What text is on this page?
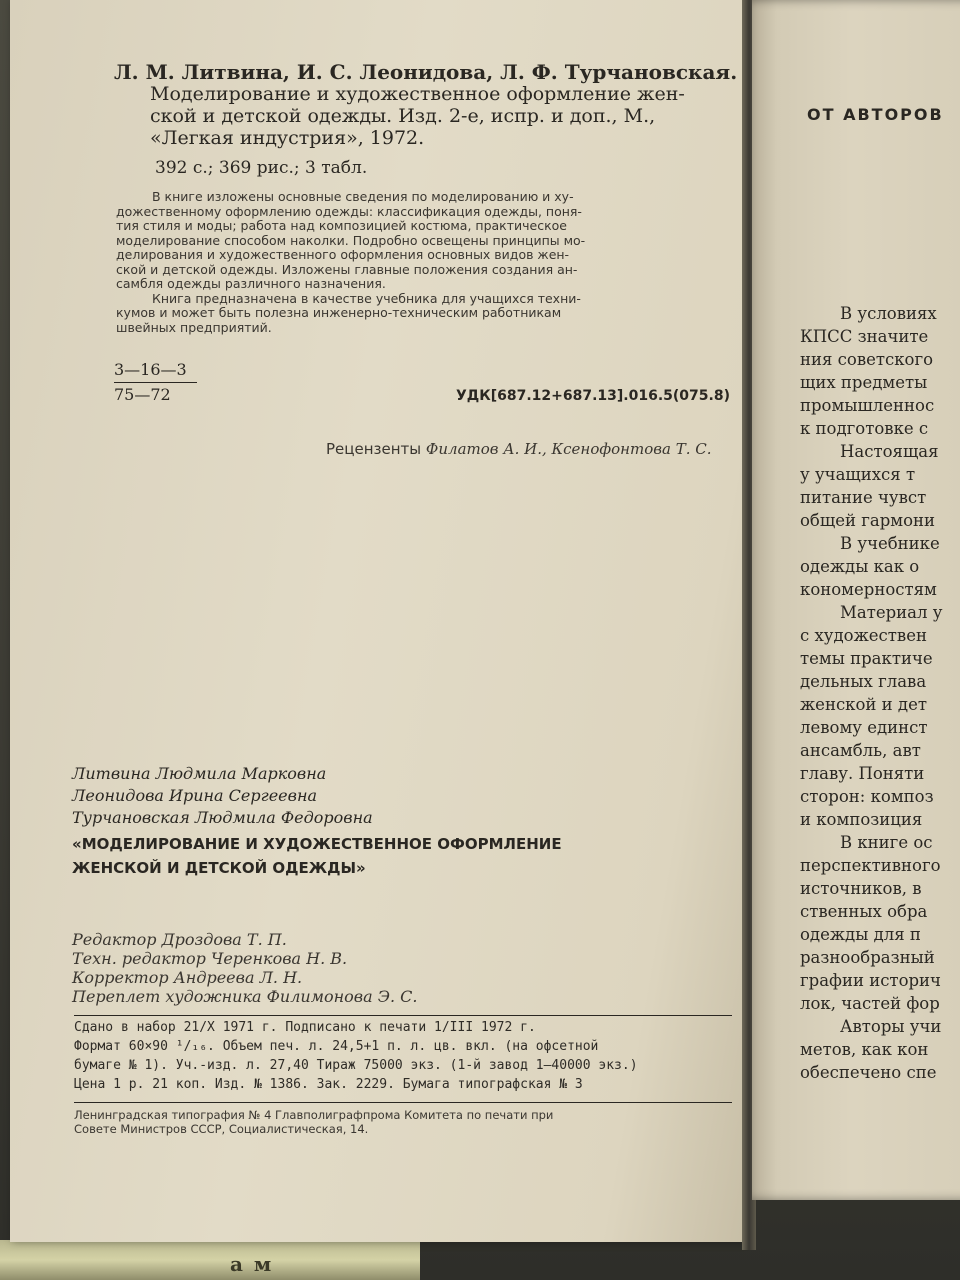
а м
Л. М. Литвина, И. С. Леонидова, Л. Ф. Турчановская.
Моделирование и художественное оформление жен-
ской и детской одежды. Изд. 2-е, испр. и доп., М.,
«Легкая индустрия», 1972.
392 с.; 369 рис.; 3 табл.
В книге изложены основные сведения по моделированию и ху-
дожественному оформлению одежды: классификация одежды, поня-
тия стиля и моды; работа над композицией костюма, практическое
моделирование способом наколки. Подробно освещены принципы мо-
делирования и художественного оформления основных видов жен-
ской и детской одежды. Изложены главные положения создания ан-
самбля одежды различного назначения.
Книга предназначена в качестве учебника для учащихся техни-
кумов и может быть полезна инженерно-техническим работникам
швейных предприятий.
3—16—3
75—72	УДК[687.12+687.13].016.5(075.8)
Рецензенты Филатов А. И., Ксенофонтова Т. С.
Литвина Людмила Марковна
Леонидова Ирина Сергеевна
Турчановская Людмила Федоровна
«МОДЕЛИРОВАНИЕ И ХУДОЖЕСТВЕННОЕ ОФОРМЛЕНИЕ
ЖЕНСКОЙ И ДЕТСКОЙ ОДЕЖДЫ»
Редактор Дроздова Т. П.
Техн. редактор Черенкова Н. В.
Корректор Андреева Л. Н.
Переплет художника Филимонова Э. С.
Сдано в набор 21/X 1971 г. Подписано к печати 1/III 1972 г.
Формат 60×90 ¹/₁₆. Объем печ. л. 24,5+1 п. л. цв. вкл. (на офсетной
бумаге № 1). Уч.-изд. л. 27,40 Тираж 75000 экз. (1-й завод 1—40000 экз.)
Цена 1 р. 21 коп. Изд. № 1386. Зак. 2229. Бумага типографская № 3
Ленинградская типография № 4 Главполиграфпрома Комитета по печати при
Совете Министров СССР, Социалистическая, 14.
ОТ АВТОРОВ
В условиях
КПСС значите
ния советского
щих предметы
промышленнос
к подготовке с
Настоящая
у учащихся т
питание чувст
общей гармони
В учебнике
одежды как о
кономерностям
Материал у
с художествен
темы практиче
дельных глава
женской и дет
левому единст
ансамбль, авт
главу. Поняти
сторон: композ
и композиция
В книге ос
перспективного
источников, в
ственных обра
одежды для п
разнообразный
графии историч
лок, частей фор
Авторы учи
метов, как кон
обеспечено спе
